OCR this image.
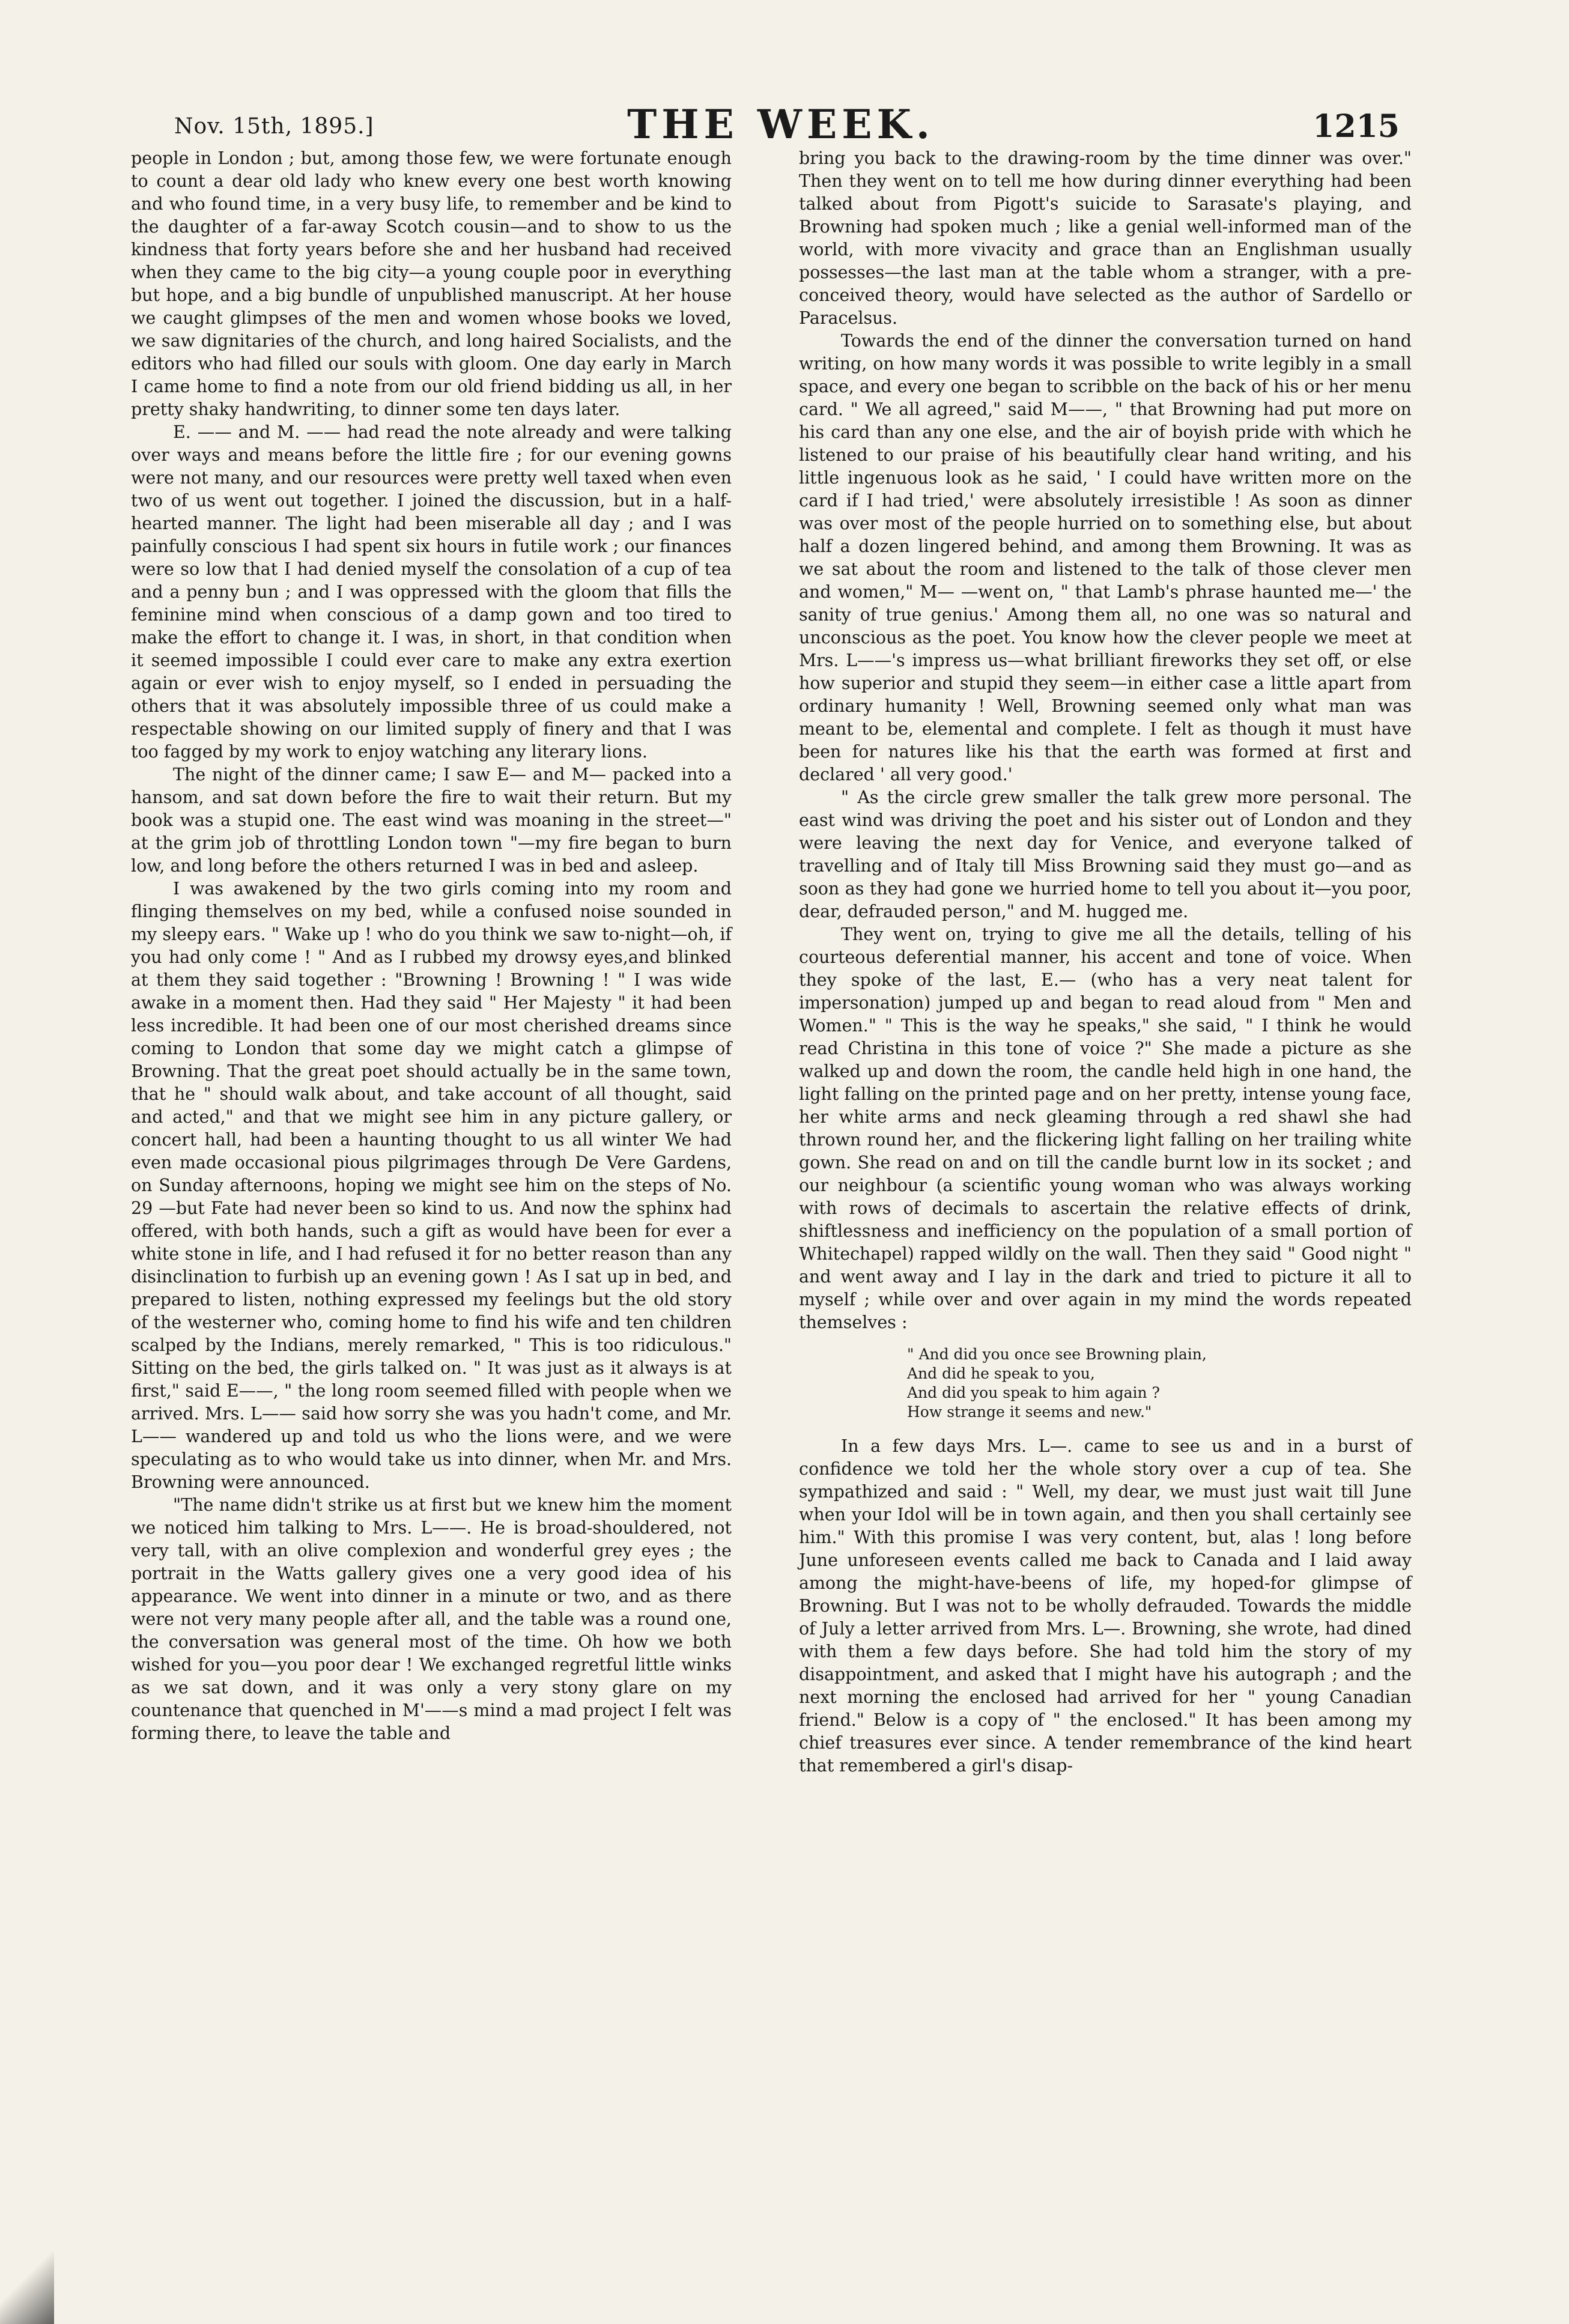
Nov. 15th, 1895.]	THE WEEK.	1215

people in London ; but, among those few, we were fortunate enough to count a dear old lady who knew every one best worth knowing and who found time, in a very busy life, to remember and be kind to the daughter of a far-away Scotch cousin—and to show to us the kindness that forty years before she and her husband had received when they came to the big city—a young couple poor in everything but hope, and a big bundle of unpublished manuscript. At her house we caught glimpses of the men and women whose books we loved, we saw dignitaries of the church, and long haired Socialists, and the editors who had filled our souls with gloom. One day early in March I came home to find a note from our old friend bidding us all, in her pretty shaky handwriting, to dinner some ten days later.

E. —— and M. —— had read the note already and were talking over ways and means before the little fire ; for our evening gowns were not many, and our resources were pretty well taxed when even two of us went out together. I joined the discussion, but in a half-hearted manner. The light had been miserable all day ; and I was painfully conscious I had spent six hours in futile work ; our finances were so low that I had denied myself the consolation of a cup of tea and a penny bun ; and I was oppressed with the gloom that fills the feminine mind when conscious of a damp gown and too tired to make the effort to change it. I was, in short, in that condition when it seemed impossible I could ever care to make any extra exertion again or ever wish to enjoy myself, so I ended in persuading the others that it was absolutely impossible three of us could make a respectable showing on our limited supply of finery and that I was too fagged by my work to enjoy watching any literary lions.

The night of the dinner came; I saw E— and M— packed into a hansom, and sat down before the fire to wait their return. But my book was a stupid one. The east wind was moaning in the street—" at the grim job of throttling London town "—my fire began to burn low, and long before the others returned I was in bed and asleep.

I was awakened by the two girls coming into my room and flinging themselves on my bed, while a confused noise sounded in my sleepy ears. " Wake up ! who do you think we saw to-night—oh, if you had only come ! " And as I rubbed my drowsy eyes,and blinked at them they said together : "Browning ! Browning ! " I was wide awake in a moment then. Had they said " Her Majesty " it had been less incredible. It had been one of our most cherished dreams since coming to London that some day we might catch a glimpse of Browning. That the great poet should actually be in the same town, that he " should walk about, and take account of all thought, said and acted," and that we might see him in any picture gallery, or concert hall, had been a haunting thought to us all winter We had even made occasional pious pilgrimages through De Vere Gardens, on Sunday afternoons, hoping we might see him on the steps of No. 29 —but Fate had never been so kind to us. And now the sphinx had offered, with both hands, such a gift as would have been for ever a white stone in life, and I had refused it for no better reason than any disinclination to furbish up an evening gown ! As I sat up in bed, and prepared to listen, nothing expressed my feelings but the old story of the westerner who, coming home to find his wife and ten children scalped by the Indians, merely remarked, " This is too ridiculous." Sitting on the bed, the girls talked on. " It was just as it always is at first," said E——, " the long room seemed filled with people when we arrived. Mrs. L—— said how sorry she was you hadn't come, and Mr. L—— wandered up and told us who the lions were, and we were speculating as to who would take us into dinner, when Mr. and Mrs. Browning were announced.

"The name didn't strike us at first but we knew him the moment we noticed him talking to Mrs. L——. He is broad-shouldered, not very tall, with an olive complexion and wonderful grey eyes ; the portrait in the Watts gallery gives one a very good idea of his appearance. We went into dinner in a minute or two, and as there were not very many people after all, and the table was a round one, the conversation was general most of the time. Oh how we both wished for you—you poor dear ! We exchanged regretful little winks as we sat down, and it was only a very stony glare on my countenance that quenched in M'——s mind a mad project I felt was forming there, to leave the table and

bring you back to the drawing-room by the time dinner was over." Then they went on to tell me how during dinner everything had been talked about from Pigott's suicide to Sarasate's playing, and Browning had spoken much ; like a genial well-informed man of the world, with more vivacity and grace than an Englishman usually possesses—the last man at the table whom a stranger, with a pre-conceived theory, would have selected as the author of Sardello or Paracelsus.

Towards the end of the dinner the conversation turned on hand writing, on how many words it was possible to write legibly in a small space, and every one began to scribble on the back of his or her menu card. " We all agreed," said M——, " that Browning had put more on his card than any one else, and the air of boyish pride with which he listened to our praise of his beautifully clear hand writing, and his little ingenuous look as he said, ' I could have written more on the card if I had tried,' were absolutely irresistible ! As soon as dinner was over most of the people hurried on to something else, but about half a dozen lingered behind, and among them Browning. It was as we sat about the room and listened to the talk of those clever men and women," M— —went on, " that Lamb's phrase haunted me—' the sanity of true genius.' Among them all, no one was so natural and unconscious as the poet. You know how the clever people we meet at Mrs. L——'s impress us—what brilliant fireworks they set off, or else how superior and stupid they seem—in either case a little apart from ordinary humanity ! Well, Browning seemed only what man was meant to be, elemental and complete. I felt as though it must have been for natures like his that the earth was formed at first and declared ' all very good.'

" As the circle grew smaller the talk grew more personal. The east wind was driving the poet and his sister out of London and they were leaving the next day for Venice, and everyone talked of travelling and of Italy till Miss Browning said they must go—and as soon as they had gone we hurried home to tell you about it—you poor, dear, defrauded person," and M. hugged me.

They went on, trying to give me all the details, telling of his courteous deferential manner, his accent and tone of voice. When they spoke of the last, E.— (who has a very neat talent for impersonation) jumped up and began to read aloud from " Men and Women." " This is the way he speaks," she said, " I think he would read Christina in this tone of voice ?" She made a picture as she walked up and down the room, the candle held high in one hand, the light falling on the printed page and on her pretty, intense young face, her white arms and neck gleaming through a red shawl she had thrown round her, and the flickering light falling on her trailing white gown. She read on and on till the candle burnt low in its socket ; and our neighbour (a scientific young woman who was always working with rows of decimals to ascertain the relative effects of drink, shiftlessness and inefficiency on the population of a small portion of Whitechapel) rapped wildly on the wall. Then they said " Good night " and went away and I lay in the dark and tried to picture it all to myself ; while over and over again in my mind the words repeated themselves :

" And did you once see Browning plain,
And did he speak to you,
And did you speak to him again ?
How strange it seems and new."

In a few days Mrs. L—. came to see us and in a burst of confidence we told her the whole story over a cup of tea. She sympathized and said : " Well, my dear, we must just wait till June when your Idol will be in town again, and then you shall certainly see him." With this promise I was very content, but, alas ! long before June unforeseen events called me back to Canada and I laid away among the might-have-beens of life, my hoped-for glimpse of Browning. But I was not to be wholly defrauded. Towards the middle of July a letter arrived from Mrs. L—. Browning, she wrote, had dined with them a few days before. She had told him the story of my disappointment, and asked that I might have his autograph ; and the next morning the enclosed had arrived for her " young Canadian friend." Below is a copy of " the enclosed." It has been among my chief treasures ever since. A tender remembrance of the kind heart that remembered a girl's disap-
